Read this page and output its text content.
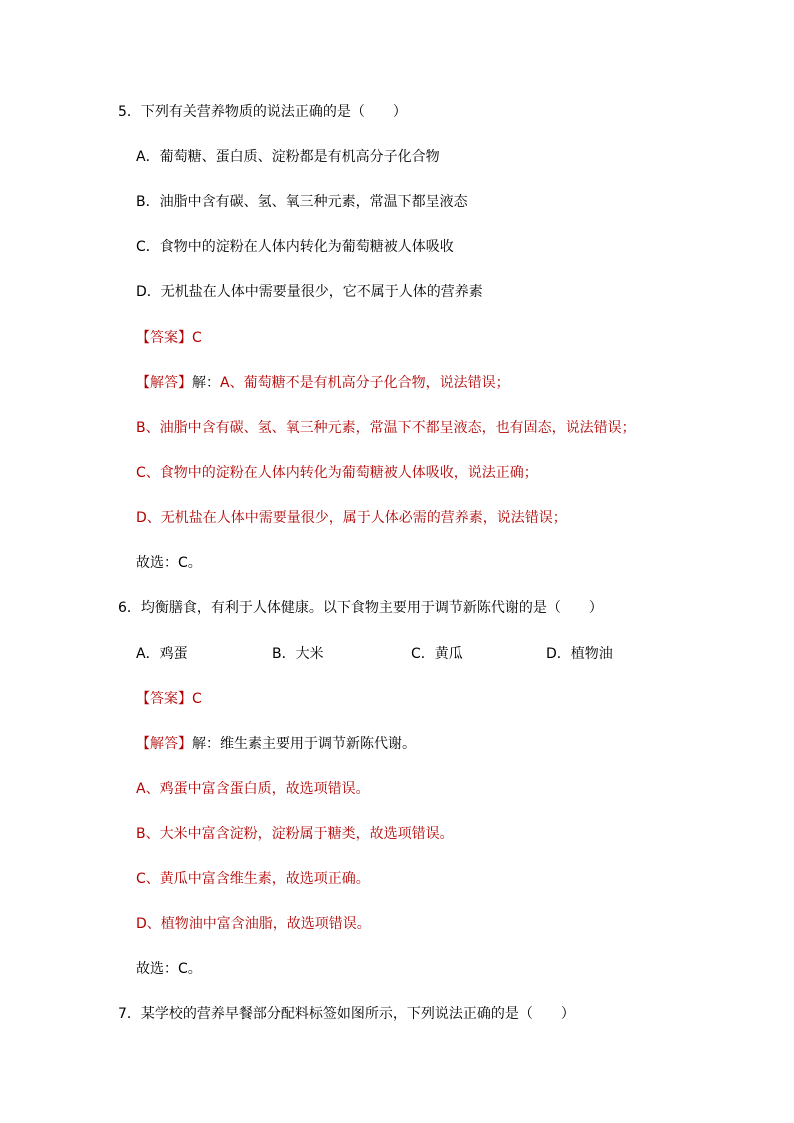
5．下列有关营养物质的说法正确的是（　　）
A．葡萄糖、蛋白质、淀粉都是有机高分子化合物
B．油脂中含有碳、氢、氧三种元素，常温下都呈液态
C．食物中的淀粉在人体内转化为葡萄糖被人体吸收
D．无机盐在人体中需要量很少，它不属于人体的营养素
【答案】C
【解答】解：A、葡萄糖不是有机高分子化合物，说法错误；
B、油脂中含有碳、氢、氧三种元素，常温下不都呈液态，也有固态，说法错误；
C、食物中的淀粉在人体内转化为葡萄糖被人体吸收，说法正确；
D、无机盐在人体中需要量很少，属于人体必需的营养素，说法错误；
故选：C。
6．均衡膳食，有利于人体健康。以下食物主要用于调节新陈代谢的是（　　）
A．鸡蛋	B．大米	C．黄瓜	D．植物油
【答案】C
【解答】解：维生素主要用于调节新陈代谢。
A、鸡蛋中富含蛋白质，故选项错误。
B、大米中富含淀粉，淀粉属于糖类，故选项错误。
C、黄瓜中富含维生素，故选项正确。
D、植物油中富含油脂，故选项错误。
故选：C。
7．某学校的营养早餐部分配料标签如图所示，下列说法正确的是（　　）
